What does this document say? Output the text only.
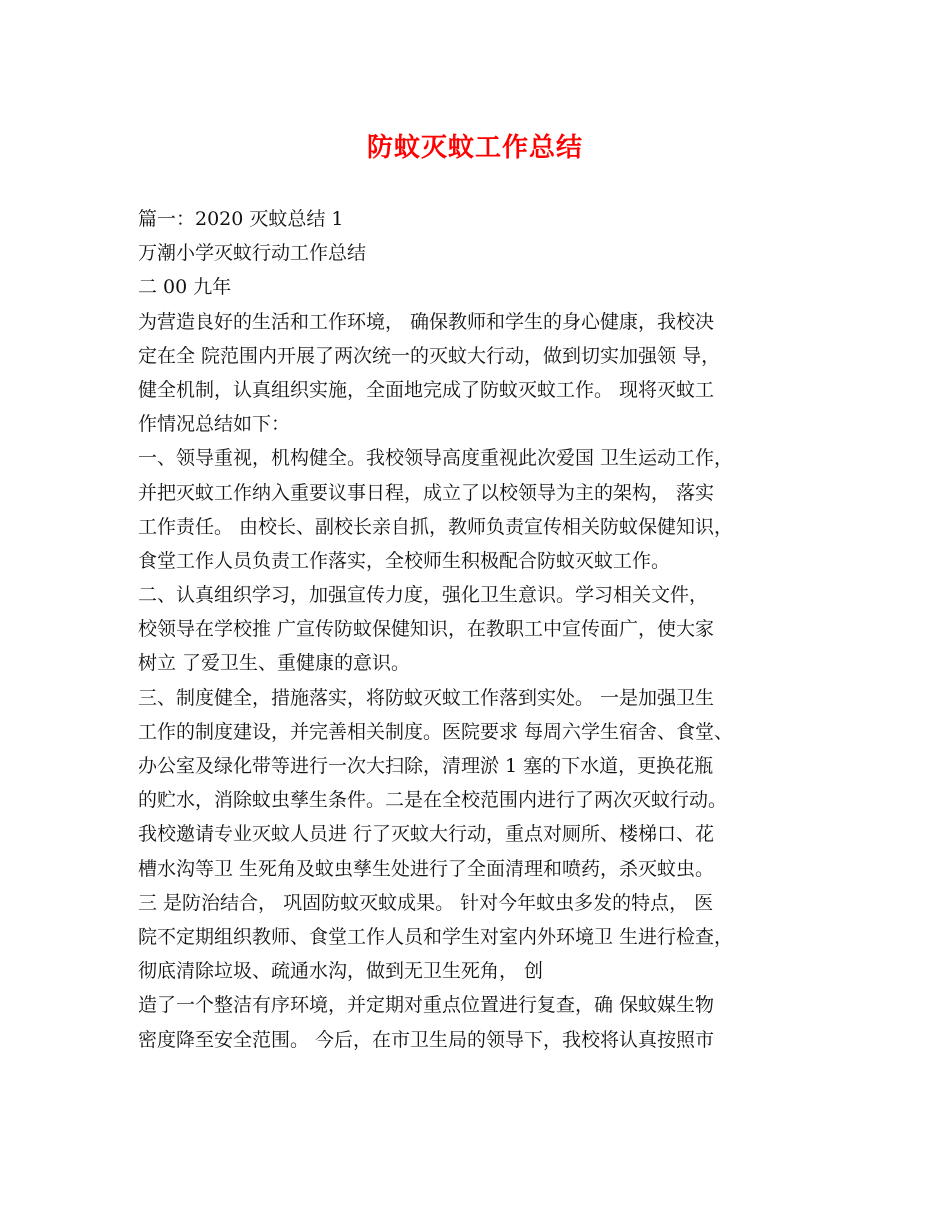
防蚊灭蚊工作总结
篇一：2020 灭蚊总结 1
万潮小学灭蚊行动工作总结
二 00 九年
为营造良好的生活和工作环境， 确保教师和学生的身心健康，我校决
定在全 院范围内开展了两次统一的灭蚊大行动，做到切实加强领 导，
健全机制，认真组织实施，全面地完成了防蚊灭蚊工作。 现将灭蚊工
作情况总结如下：
一、领导重视，机构健全。我校领导高度重视此次爱国 卫生运动工作，
并把灭蚊工作纳入重要议事日程，成立了以校领导为主的架构， 落实
工作责任。 由校长、副校长亲自抓，教师负责宣传相关防蚊保健知识，
食堂工作人员负责工作落实，全校师生积极配合防蚊灭蚊工作。
二、认真组织学习，加强宣传力度，强化卫生意识。学习相关文件，
校领导在学校推 广宣传防蚊保健知识，在教职工中宣传面广，使大家
树立 了爱卫生、重健康的意识。
三、制度健全，措施落实，将防蚊灭蚊工作落到实处。 一是加强卫生
工作的制度建设，并完善相关制度。医院要求 每周六学生宿舍、食堂、
办公室及绿化带等进行一次大扫除，清理淤 1 塞的下水道，更换花瓶
的贮水，消除蚊虫孳生条件。二是在全校范围内进行了两次灭蚊行动。
我校邀请专业灭蚊人员进 行了灭蚊大行动，重点对厕所、楼梯口、花
槽水沟等卫 生死角及蚊虫孳生处进行了全面清理和喷药，杀灭蚊虫。
三 是防治结合， 巩固防蚊灭蚊成果。 针对今年蚊虫多发的特点， 医
院不定期组织教师、食堂工作人员和学生对室内外环境卫 生进行检查，
彻底清除垃圾、疏通水沟，做到无卫生死角， 创
造了一个整洁有序环境，并定期对重点位置进行复查，确 保蚊媒生物
密度降至安全范围。 今后，在市卫生局的领导下，我校将认真按照市
